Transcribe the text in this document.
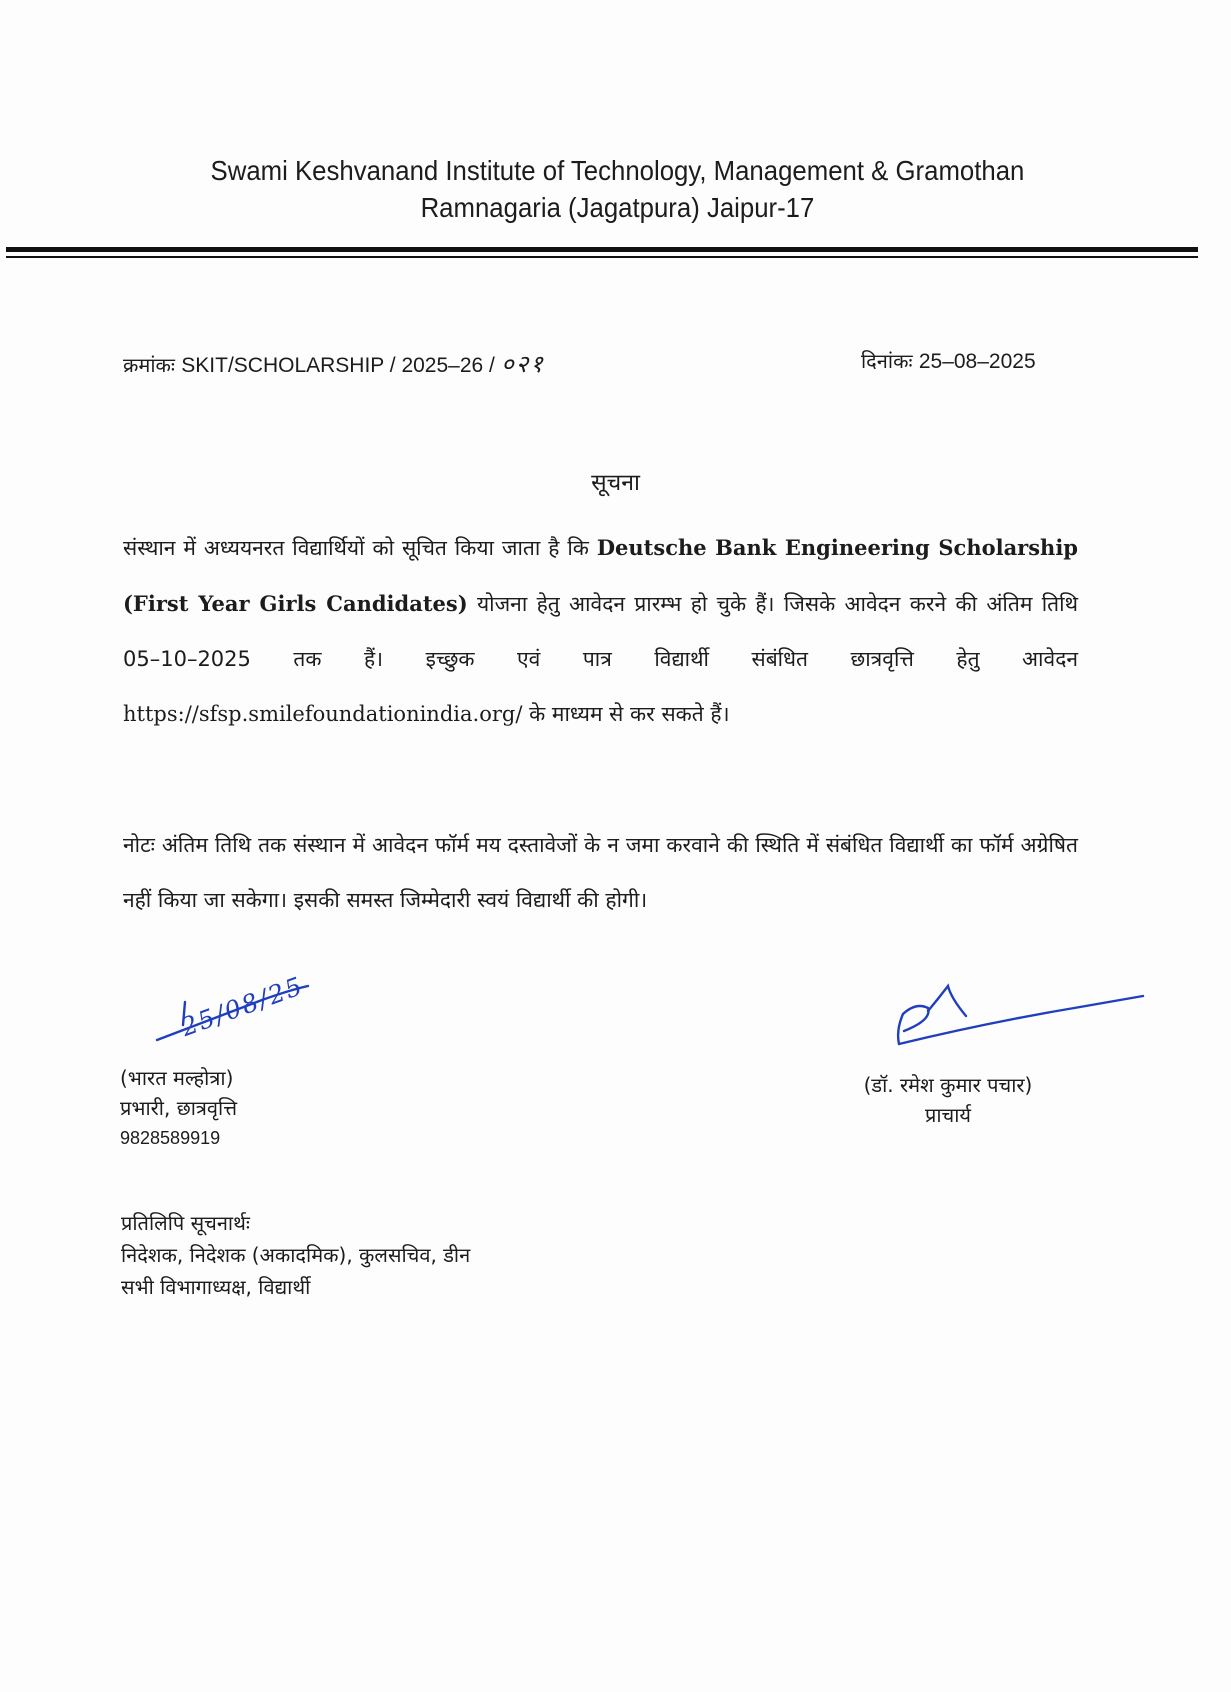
Swami Keshvanand Institute of Technology, Management & Gramothan
Ramnagaria (Jagatpura) Jaipur-17
क्रमांकः SKIT/SCHOLARSHIP / 2025–26 / ०२१	दिनांकः 25–08–2025
सूचना
संस्थान में अध्ययनरत विद्यार्थियों को सूचित किया जाता है कि Deutsche Bank Engineering Scholarship (First Year Girls Candidates) योजना हेतु आवेदन प्रारम्भ हो चुके हैं। जिसके आवेदन करने की अंतिम तिथि 05–10–2025 तक हैं। इच्छुक एवं पात्र विद्यार्थी संबंधित छात्रवृत्ति हेतु आवेदन https://sfsp.smilefoundationindia.org/ के माध्यम से कर सकते हैं।
नोटः अंतिम तिथि तक संस्थान में आवेदन फॉर्म मय दस्तावेजों के न जमा करवाने की स्थिति में संबंधित विद्यार्थी का फॉर्म अग्रेषित नहीं किया जा सकेगा। इसकी समस्त जिम्मेदारी स्वयं विद्यार्थी की होगी।
25/08/25
(भारत मल्होत्रा)
प्रभारी, छात्रवृत्ति
9828589919
(डॉ. रमेश कुमार पचार)
प्राचार्य
प्रतिलिपि सूचनार्थः
निदेशक, निदेशक (अकादमिक), कुलसचिव, डीन
सभी विभागाध्यक्ष, विद्यार्थी
